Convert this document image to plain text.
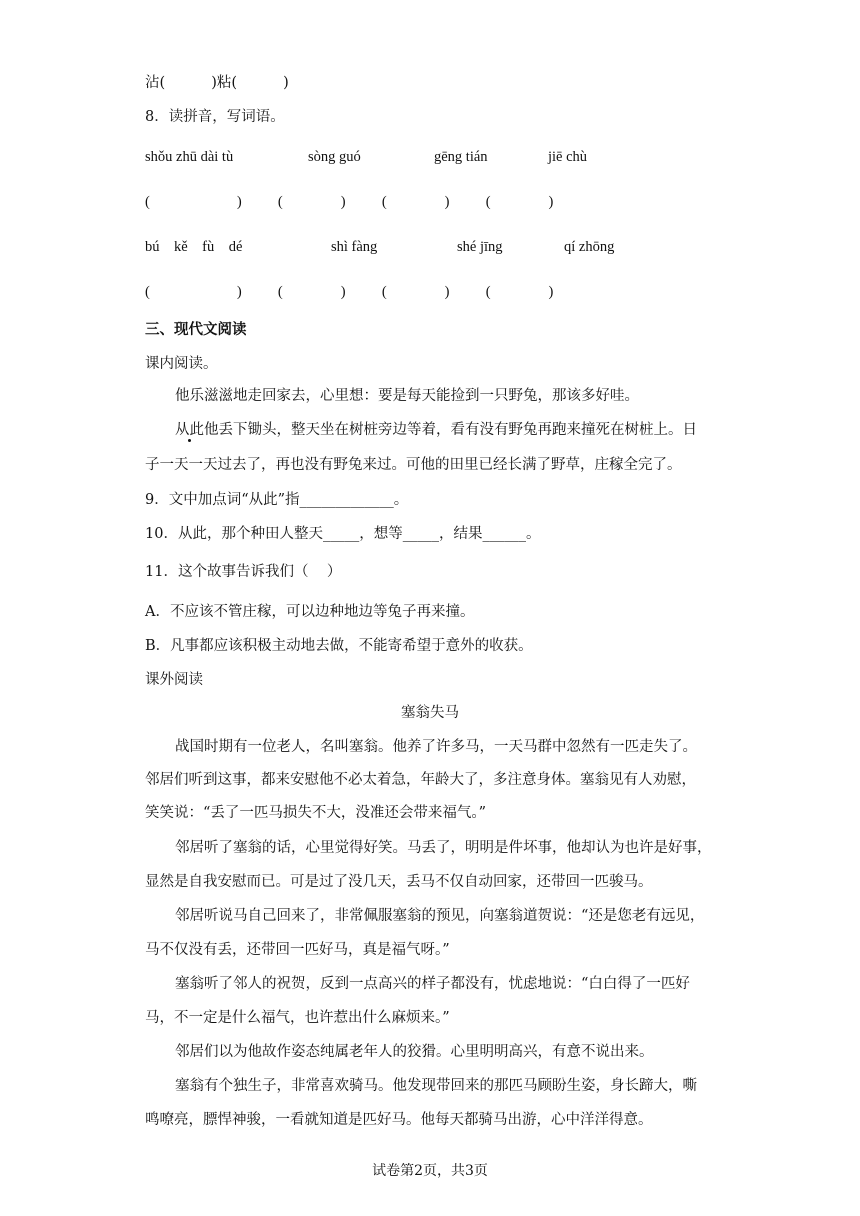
沾(          )粘(          )
8．读拼音，写词语。
shǒu zhū dài tù	sòng guó	gēng tián	jiē chù
(                        )          (                )          (                )          (                )
bú    kě    fù    dé	shì fàng	shé jīng	qí zhōng
(                        )          (                )          (                )          (                )
三、现代文阅读
课内阅读。
他乐滋滋地走回家去，心里想：要是每天能捡到一只野兔，那该多好哇。
从此他丢下锄头，整天坐在树桩旁边等着，看有没有野兔再跑来撞死在树桩上。日
子一天一天过去了，再也没有野兔来过。可他的田里已经长满了野草，庄稼全完了。
9．文中加点词“从此”指_____________。
10．从此，那个种田人整天_____，想等_____，结果______。
11．这个故事告诉我们（    ）
A．不应该不管庄稼，可以边种地边等兔子再来撞。
B．凡事都应该积极主动地去做，不能寄希望于意外的收获。
课外阅读
塞翁失马
战国时期有一位老人，名叫塞翁。他养了许多马，一天马群中忽然有一匹走失了。
邻居们听到这事，都来安慰他不必太着急，年龄大了，多注意身体。塞翁见有人劝慰，
笑笑说：“丢了一匹马损失不大，没准还会带来福气。”
邻居听了塞翁的话，心里觉得好笑。马丢了，明明是件坏事，他却认为也许是好事，
显然是自我安慰而已。可是过了没几天，丢马不仅自动回家，还带回一匹骏马。
邻居听说马自己回来了，非常佩服塞翁的预见，向塞翁道贺说：“还是您老有远见，
马不仅没有丢，还带回一匹好马，真是福气呀。”
塞翁听了邻人的祝贺，反到一点高兴的样子都没有，忧虑地说：“白白得了一匹好
马，不一定是什么福气，也许惹出什么麻烦来。”
邻居们以为他故作姿态纯属老年人的狡猾。心里明明高兴，有意不说出来。
塞翁有个独生子，非常喜欢骑马。他发现带回来的那匹马顾盼生姿，身长蹄大，嘶
鸣嘹亮，膘悍神骏，一看就知道是匹好马。他每天都骑马出游，心中洋洋得意。
试卷第2页，共3页
